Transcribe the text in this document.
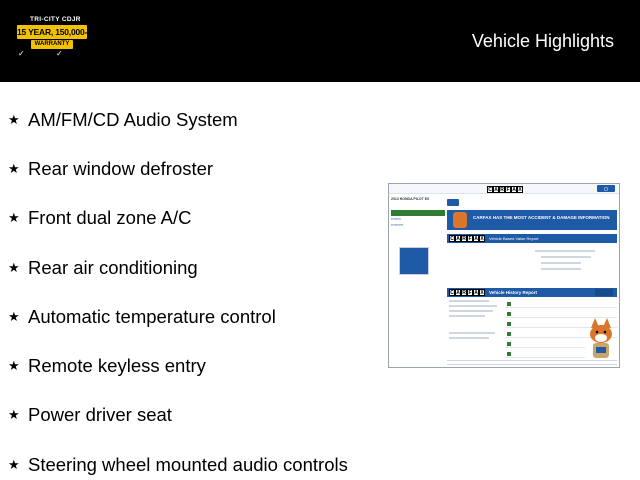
TRI-CITY CDJR
15 YEAR, 150,000-MILE
WARRANTY
✓	✓
Vehicle Highlights
★ AM/FM/CD Audio System
★ Rear window defroster
★ Front dual zone A/C
★ Rear air conditioning
★ Automatic temperature control
★ Remote keyless entry
★ Power driver seat
★ Steering wheel mounted audio controls
C A R F A X	▢
2013 HONDA PILOT EX

▪▪▪▪▪▪▪▪
▪▪▪▪▪▪▪▪▪▪

CARFAX HAS THE MOST ACCIDENT & DAMAGE INFORMATION
C A R F A X	Vehicle Based Value Report
C A R F A X Vehicle History Report
